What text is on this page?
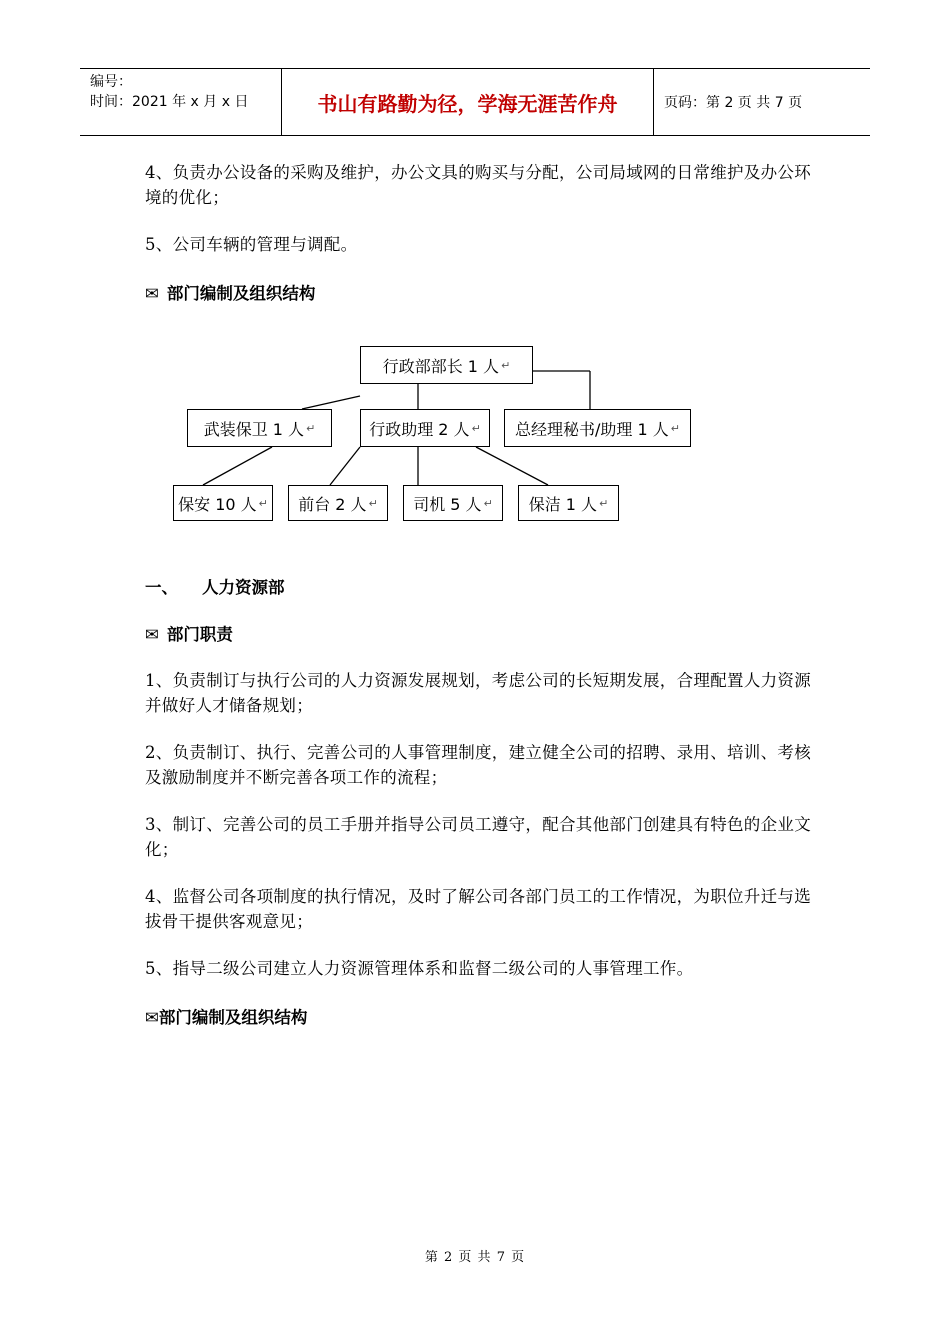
编号：
时间：2021 年 x 月 x 日	书山有路勤为径，学海无涯苦作舟	页码：第 2 页 共 7 页
4、负责办公设备的采购及维护，办公文具的购买与分配，公司局域网的日常维护及办公环境的优化；
5、公司车辆的管理与调配。
✉ 部门编制及组织结构
行政部部长 1 人 ↵
武装保卫 1 人 ↵	行政助理 2 人 ↵ 总经理秘书/助理 1 人 ↵
保安 10 人 ↵ 前台 2 人 ↵ 司机 5 人 ↵ 保洁 1 人 ↵
一、 人力资源部
✉ 部门职责
1、负责制订与执行公司的人力资源发展规划，考虑公司的长短期发展，合理配置人力资源并做好人才储备规划；
2、负责制订、执行、完善公司的人事管理制度，建立健全公司的招聘、录用、培训、考核及激励制度并不断完善各项工作的流程；
3、制订、完善公司的员工手册并指导公司员工遵守，配合其他部门创建具有特色的企业文化；
4、监督公司各项制度的执行情况，及时了解公司各部门员工的工作情况，为职位升迁与选拔骨干提供客观意见；
5、指导二级公司建立人力资源管理体系和监督二级公司的人事管理工作。
✉部门编制及组织结构
第 2 页 共 7 页
